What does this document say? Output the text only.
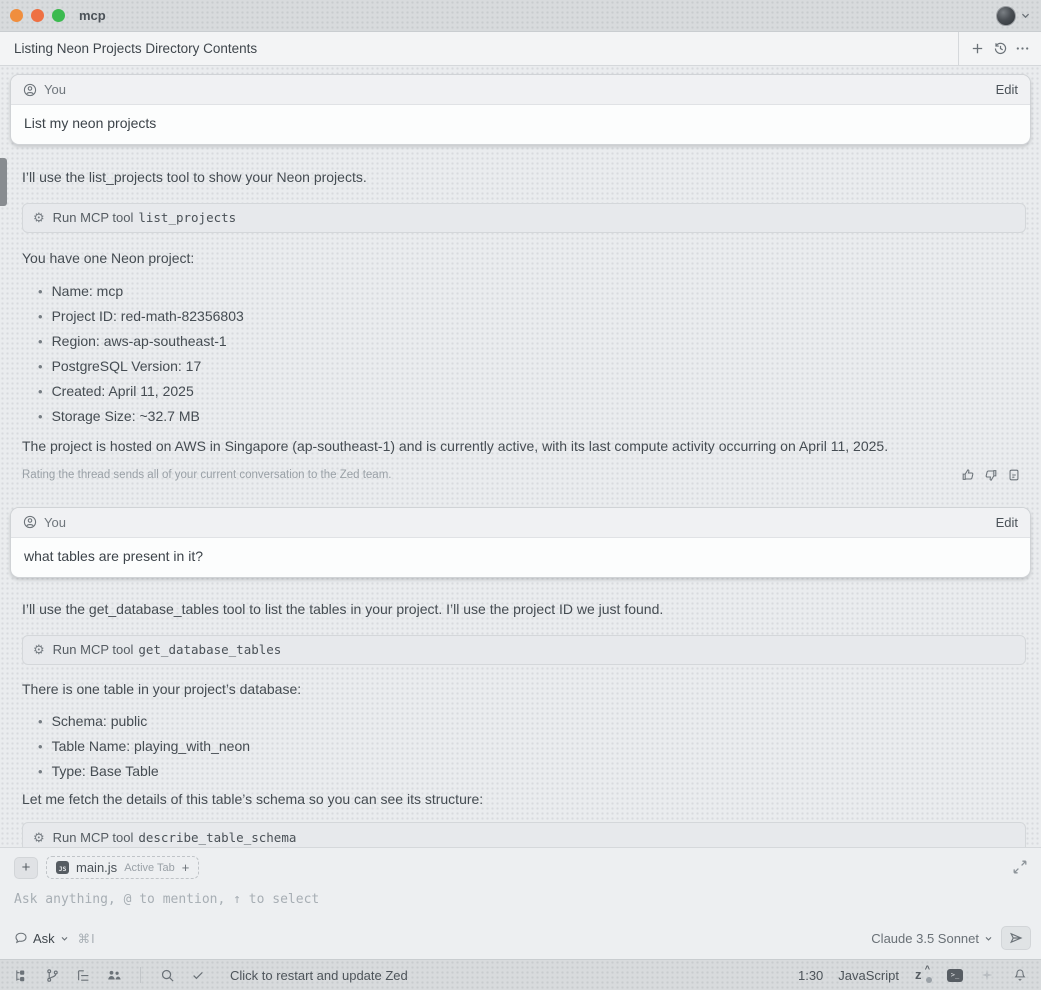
mcp
Listing Neon Projects Directory Contents
You	Edit
List my neon projects
I’ll use the list_projects tool to show your Neon projects.
⚙ Run MCP tool list_projects
You have one Neon project:
• Name: mcp
• Project ID: red-math-82356803
• Region: aws-ap-southeast-1
• PostgreSQL Version: 17
• Created: April 11, 2025
• Storage Size: ~32.7 MB
The project is hosted on AWS in Singapore (ap-southeast-1) and is currently active, with its last compute activity occurring on April 11, 2025.
Rating the thread sends all of your current conversation to the Zed team.
You	Edit
what tables are present in it?
I’ll use the get_database_tables tool to list the tables in your project. I’ll use the project ID we just found.
⚙ Run MCP tool get_database_tables
There is one table in your project’s database:
• Schema: public
• Table Name: playing_with_neon
• Type: Base Table
Let me fetch the details of this table’s schema so you can see its structure:
⚙ Run MCP tool describe_table_schema
+	JS main.js Active Tab +
Ask anything, @ to mention, ↑ to select
Ask ⌘I	Claude 3.5 Sonnet
Click to restart and update Zed	1:30 JavaScript z ^
>_
